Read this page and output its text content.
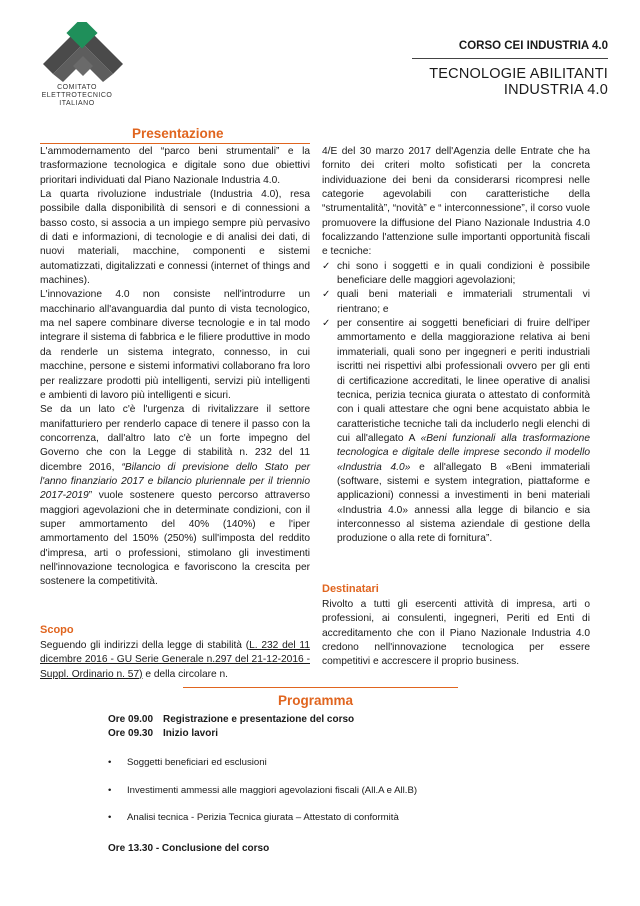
COMITATO
ELETTROTECNICO
ITALIANO
CORSO CEI INDUSTRIA 4.0
TECNOLOGIE ABILITANTI
INDUSTRIA 4.0
Presentazione

L'ammodernamento del “parco beni strumentali” e la trasformazione tecnologica e digitale sono due obiettivi prioritari individuati dal Piano Nazionale Industria 4.0.

La quarta rivoluzione industriale (Industria 4.0), resa possibile dalla disponibilità di sensori e di connessioni a basso costo, si associa a un impiego sempre più pervasivo di dati e informazioni, di tecnologie e di analisi dei dati, di nuovi materiali, macchine, componenti e sistemi automatizzati, digitalizzati e connessi (internet of things and machines).

L'innovazione 4.0 non consiste nell'introdurre un macchinario all'avanguardia dal punto di vista tecnologico, ma nel sapere combinare diverse tecnologie e in tal modo integrare il sistema di fabbrica e le filiere produttive in modo da renderle un sistema integrato, connesso, in cui macchine, persone e sistemi informativi collaborano fra loro per realizzare prodotti più intelligenti, servizi più intelligenti e ambienti di lavoro più intelligenti e sicuri.

Se da un lato c'è l'urgenza di rivitalizzare il settore manifatturiero per renderlo capace di tenere il passo con la concorrenza, dall'altro lato c'è un forte impegno del Governo che con la Legge di stabilità n. 232 del 11 dicembre 2016, “Bilancio di previsione dello Stato per l'anno finanziario 2017 e bilancio pluriennale per il triennio 2017-2019” vuole sostenere questo percorso attraverso maggiori agevolazioni che in determinate condizioni, con il super ammortamento del 40% (140%) e l'iper ammortamento del 150% (250%) sull'imposta del reddito d'impresa, arti o professioni, stimolano gli investimenti nell'innovazione tecnologica e favoriscono la crescita per sostenere la competitività.

Scopo

Seguendo gli indirizzi della legge di stabilità (L. 232 del 11 dicembre 2016 - GU Serie Generale n.297 del 21-12-2016 - Suppl. Ordinario n. 57) e della circolare n.

4/E del 30 marzo 2017 dell'Agenzia delle Entrate che ha fornito dei criteri molto sofisticati per la concreta individuazione dei beni da considerarsi ricompresi nelle categorie agevolabili con caratteristiche della “strumentalità”, “novità” e “ interconnessione”, il corso vuole promuovere la diffusione del Piano Nazionale Industria 4.0 focalizzando l'attenzione sulle importanti opportunità fiscali e tecniche:

✓ chi sono i soggetti e in quali condizioni è possibile beneficiare delle maggiori agevolazioni;
✓ quali beni materiali e immateriali strumentali vi rientrano; e
✓ per consentire ai soggetti beneficiari di fruire dell'iper ammortamento e della maggiorazione relativa ai beni immateriali, quali sono per ingegneri e periti industriali iscritti nei rispettivi albi professionali ovvero per gli enti di certificazione accreditati, le linee operative di analisi tecnica, perizia tecnica giurata o attestato di conformità con i quali attestare che ogni bene acquistato abbia le caratteristiche tecniche tali da includerlo negli elenchi di cui all'allegato A «Beni funzionali alla trasformazione tecnologica e digitale delle imprese secondo il modello «Industria 4.0» e all'allegato B «Beni immateriali (software, sistemi e system integration, piattaforme e applicazioni) connessi a investimenti in beni materiali «Industria 4.0» annessi alla legge di bilancio e sia interconnesso al sistema aziendale di gestione della produzione o alla rete di fornitura”.
Destinatari

Rivolto a tutti gli esercenti attività di impresa, arti o professioni, ai consulenti, ingegneri, Periti ed Enti di accreditamento che con il Piano Nazionale Industria 4.0 credono nell'innovazione tecnologica per essere competitivi e accrescere il proprio business.

Programma
Ore 09.00 Registrazione e presentazione del corso
Ore 09.30 Inizio lavori
• Soggetti beneficiari ed esclusioni
• Investimenti ammessi alle maggiori agevolazioni fiscali (All.A e All.B)
• Analisi tecnica - Perizia Tecnica giurata – Attestato di conformità
Ore 13.30 - Conclusione del corso
